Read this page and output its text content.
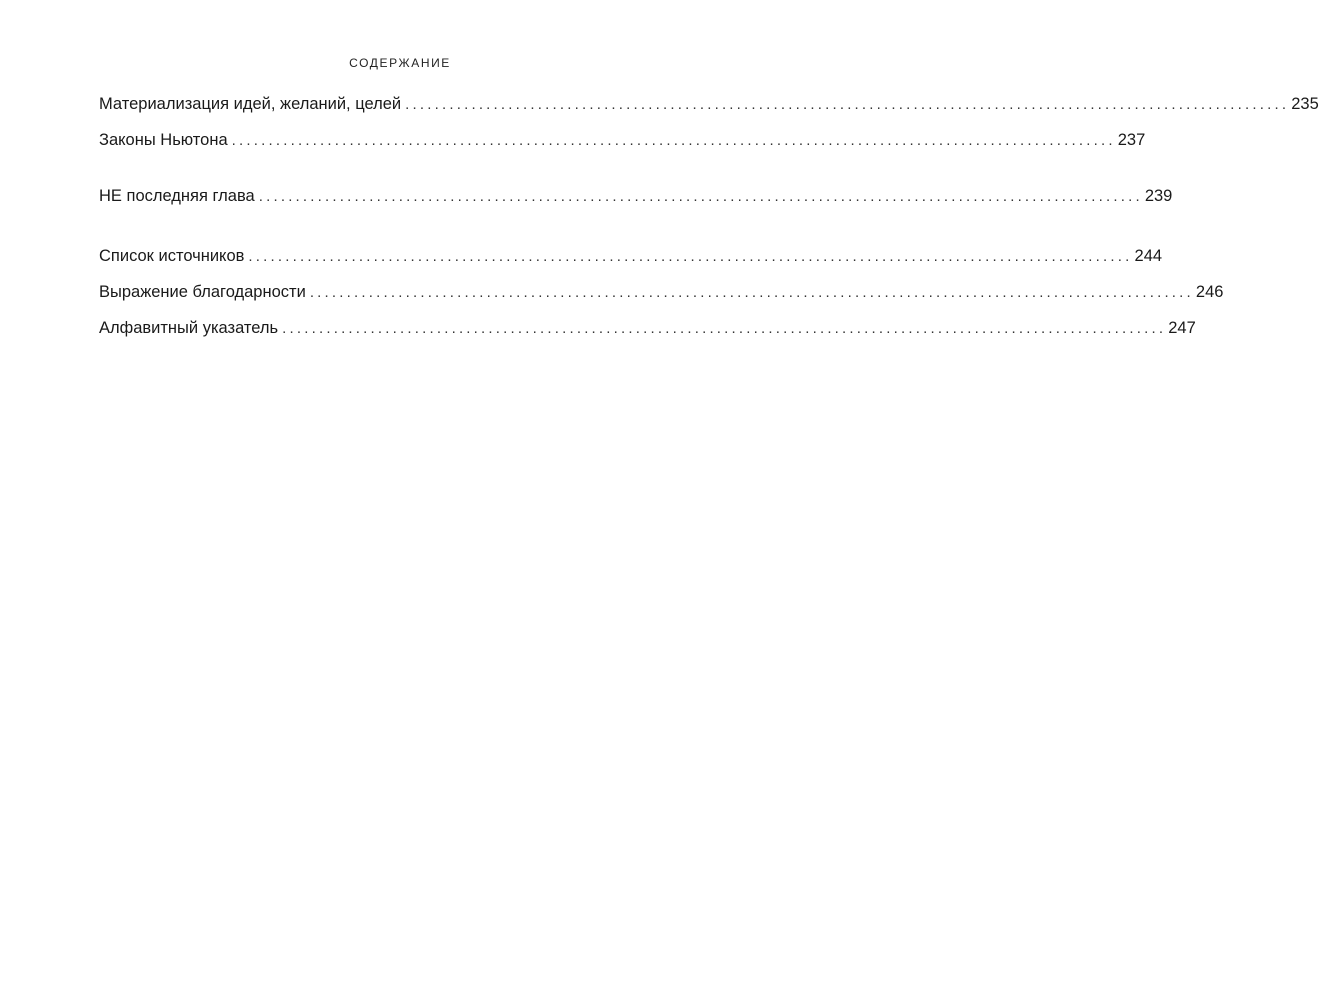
СОДЕРЖАНИЕ
Материализация идей, желаний, целей ........................................................................................................................ 235
Законы Ньютона ........................................................................................................................ 237
НЕ последняя глава ........................................................................................................................ 239
Список источников ........................................................................................................................ 244
Выражение благодарности ........................................................................................................................ 246
Алфавитный указатель ........................................................................................................................ 247
